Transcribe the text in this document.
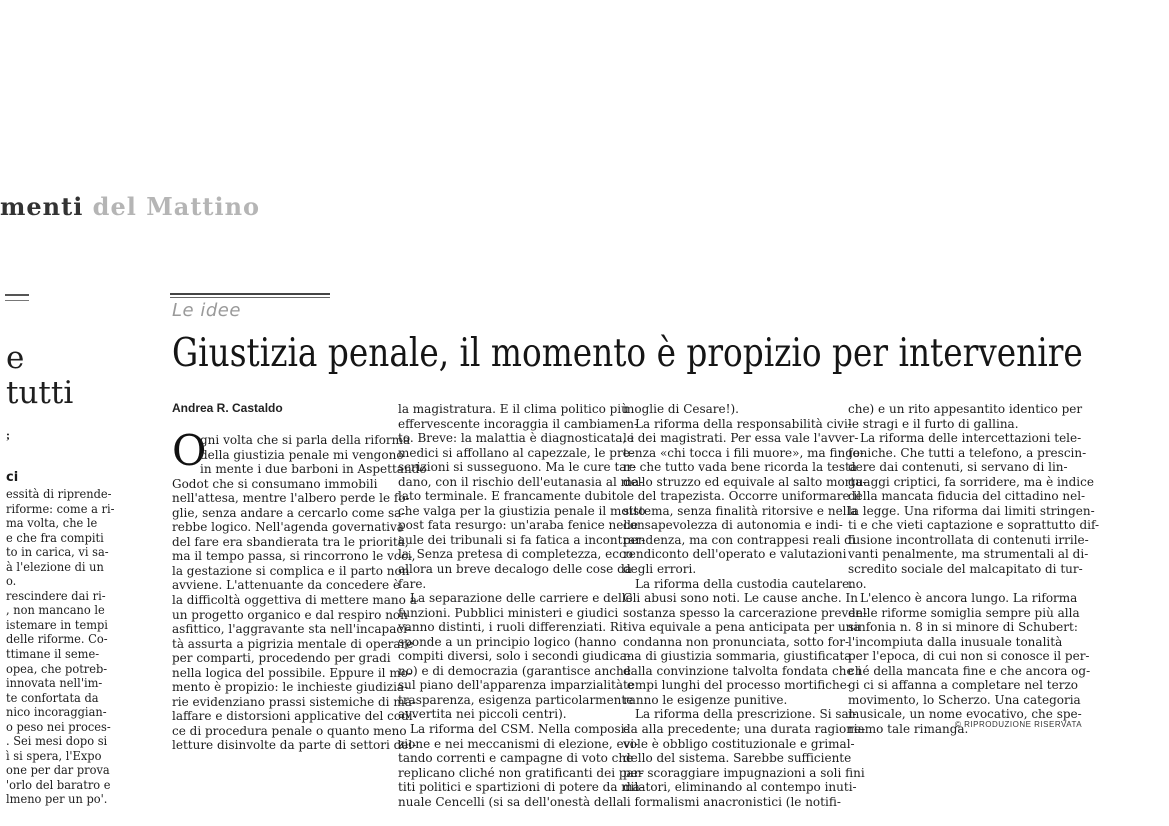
menti del Mattino
e
tutti
;
ci
essità di riprende-
riforme: come a ri-
ma volta, che le
e che fra compiti
to in carica, vi sa-
à l'elezione di un
o.
rescindere dai ri-
, non mancano le
istemare in tempi
delle riforme. Co-
ttimane il seme-
opea, che potreb-
innovata nell'im-
te confortata da
nico incoraggian-
o peso nei proces-
. Sei mesi dopo si
ì si spera, l'Expo
one per dar prova
'orlo del baratro e
lmeno per un po'.
Le idee
Giustizia penale, il momento è propizio per intervenire
Andrea R. Castaldo
O
gni volta che si parla della riforma
della giustizia penale mi vengono
in mente i due barboni in Aspettando
Godot che si consumano immobili
nell'attesa, mentre l'albero perde le fo-
glie, senza andare a cercarlo come sa-
rebbe logico. Nell'agenda governativa
del fare era sbandierata tra le priorità,
ma il tempo passa, si rincorrono le voci,
la gestazione si complica e il parto non
avviene. L'attenuante da concedere è
la difficoltà oggettiva di mettere mano a
un progetto organico e dal respiro non
asfittico, l'aggravante sta nell'incapaci-
tà assurta a pigrizia mentale di operare
per comparti, procedendo per gradi
nella logica del possibile. Eppure il mo-
mento è propizio: le inchieste giudizia-
rie evidenziano prassi sistemiche di ma-
laffare e distorsioni applicative del codi-
ce di procedura penale o quanto meno
letture disinvolte da parte di settori del-
la magistratura. E il clima politico più
effervescente incoraggia il cambiamen-
to. Breve: la malattia è diagnosticata, i
medici si affollano al capezzale, le pre-
scrizioni si susseguono. Ma le cure tar-
dano, con il rischio dell'eutanasia al ma-
lato terminale. E francamente dubito
che valga per la giustizia penale il motto
post fata resurgo: un'araba fenice nelle
aule dei tribunali si fa fatica a incontrar-
la. Senza pretesa di completezza, ecco
allora un breve decalogo delle cose da
fare.
La separazione delle carriere e delle
funzioni. Pubblici ministeri e giudici
vanno distinti, i ruoli differenziati. Ri-
sponde a un principio logico (hanno
compiti diversi, solo i secondi giudica-
no) e di democrazia (garantisce anche
sul piano dell'apparenza imparzialità e
trasparenza, esigenza particolarmente
avvertita nei piccoli centri).
La riforma del CSM. Nella composi-
zione e nei meccanismi di elezione, evi-
tando correnti e campagne di voto che
replicano cliché non gratificanti dei par-
titi politici e spartizioni di potere da ma-
nuale Cencelli (si sa dell'onestà della
moglie di Cesare!).
La riforma della responsabilità civi-
le dei magistrati. Per essa vale l'avver-
tenza «chi tocca i fili muore», ma finge-
re che tutto vada bene ricorda la testa
dello struzzo ed equivale al salto morta-
le del trapezista. Occorre uniformare il
sistema, senza finalità ritorsive e nella
consapevolezza di autonomia e indi-
pendenza, ma con contrappesi reali di
rendiconto dell'operato e valutazioni
degli errori.
La riforma della custodia cautelare.
Gli abusi sono noti. Le cause anche. In
sostanza spesso la carcerazione preven-
tiva equivale a pena anticipata per una
condanna non pronunciata, sotto for-
ma di giustizia sommaria, giustificata
dalla convinzione talvolta fondata che i
tempi lunghi del processo mortifiche-
ranno le esigenze punitive.
La riforma della prescrizione. Si sal-
da alla precedente; una durata ragione-
vole è obbligo costituzionale e grimal-
dello del sistema. Sarebbe sufficiente
per scoraggiare impugnazioni a soli fini
dilatori, eliminando al contempo inuti-
li formalismi anacronistici (le notifi-
che) e un rito appesantito identico per
le stragi e il furto di gallina.
La riforma delle intercettazioni tele-
foniche. Che tutti a telefono, a prescin-
dere dai contenuti, si servano di lin-
guaggi criptici, fa sorridere, ma è indice
della mancata fiducia del cittadino nel-
la legge. Una riforma dai limiti stringen-
ti e che vieti captazione e soprattutto dif-
fusione incontrollata di contenuti irrile-
vanti penalmente, ma strumentali al di-
scredito sociale del malcapitato di tur-
no.
L'elenco è ancora lungo. La riforma
delle riforme somiglia sempre più alla
sinfonia n. 8 in si minore di Schubert:
l'incompiuta dalla inusuale tonalità
per l'epoca, di cui non si conosce il per-
ché della mancata fine e che ancora og-
gi ci si affanna a completare nel terzo
movimento, lo Scherzo. Una categoria
musicale, un nome evocativo, che spe-
riamo tale rimanga.
© RIPRODUZIONE RISERVATA
